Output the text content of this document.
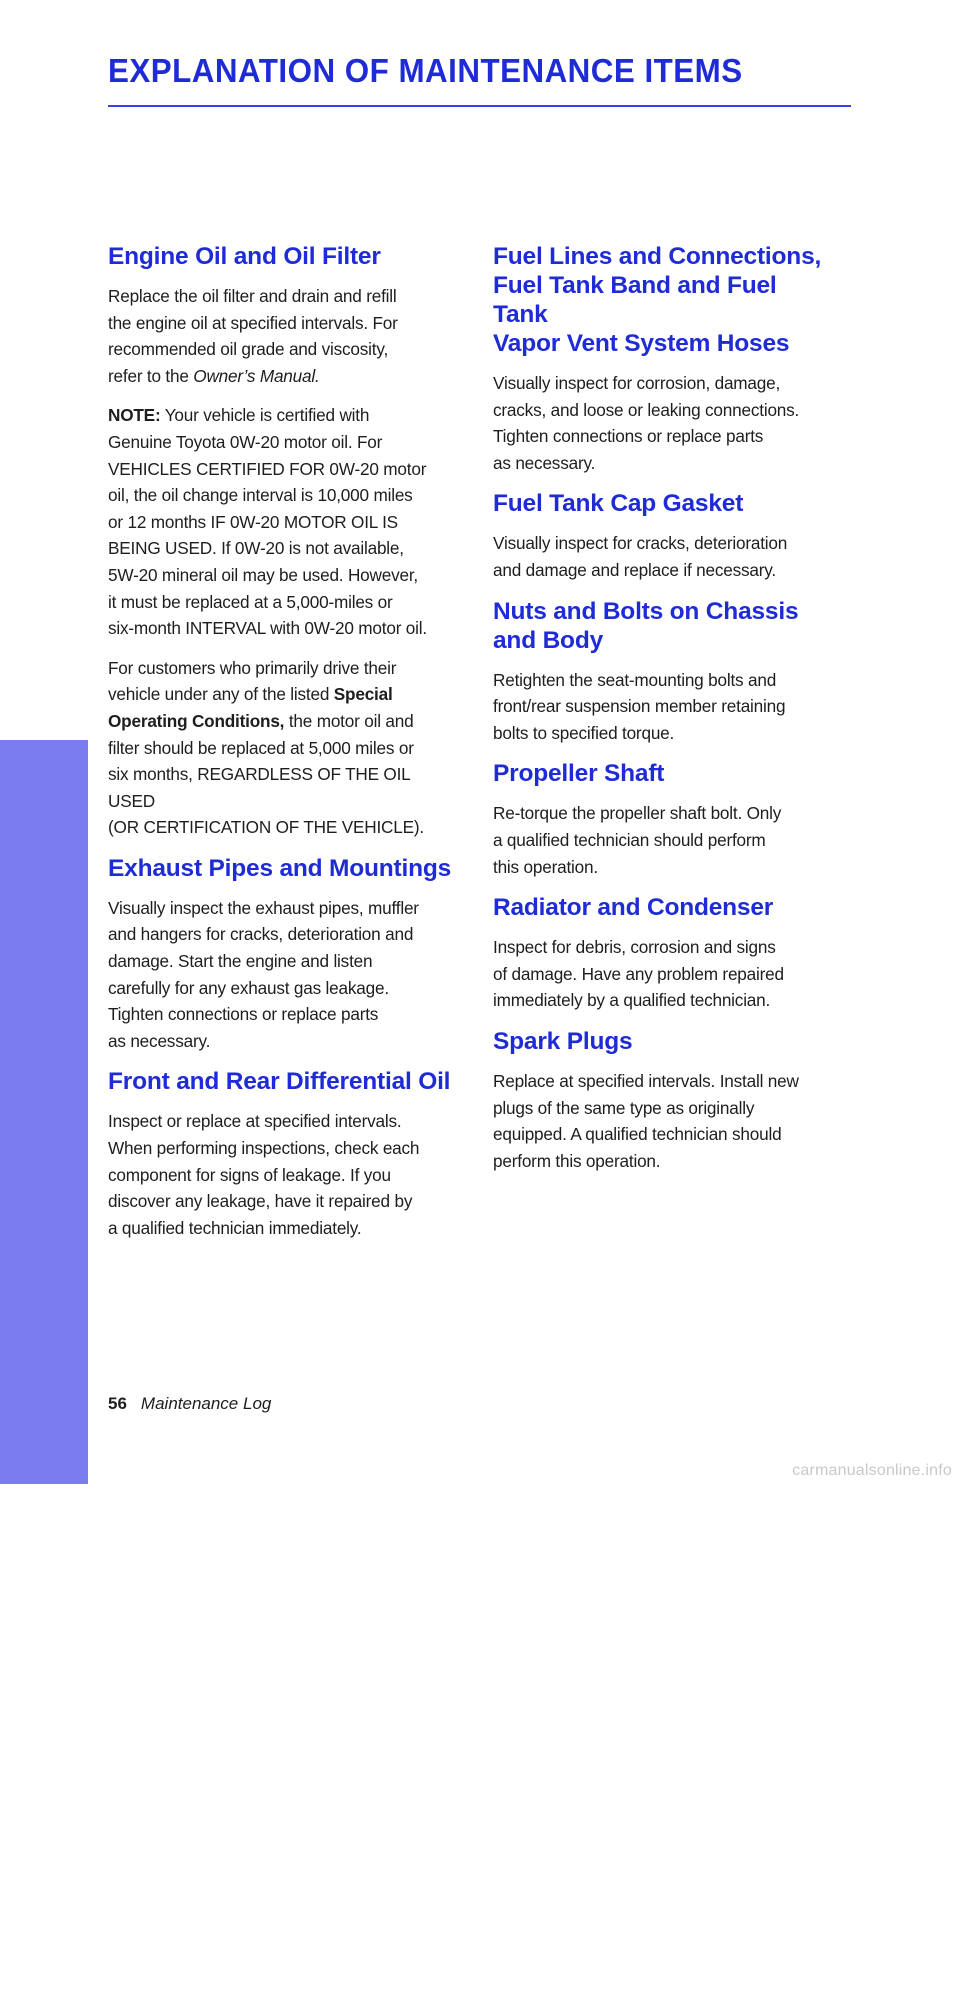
EXPLANATION OF MAINTENANCE ITEMS
MAINTENANCE
Engine Oil and Oil Filter

Replace the oil filter and drain and refill
the engine oil at specified intervals. For
recommended oil grade and viscosity,
refer to the Owner’s Manual.

NOTE: Your vehicle is certified with
Genuine Toyota 0W-20 motor oil. For
VEHICLES CERTIFIED FOR 0W-20 motor
oil, the oil change interval is 10,000 miles
or 12 months IF 0W-20 MOTOR OIL IS
BEING USED. If 0W-20 is not available,
5W-20 mineral oil may be used. However,
it must be replaced at a 5,000-miles or
six-month INTERVAL with 0W-20 motor oil.

For customers who primarily drive their
vehicle under any of the listed Special
Operating Conditions, the motor oil and
filter should be replaced at 5,000 miles or
six months, REGARDLESS OF THE OIL USED
(OR CERTIFICATION OF THE VEHICLE).

Exhaust Pipes and Mountings

Visually inspect the exhaust pipes, muffler
and hangers for cracks, deterioration and
damage. Start the engine and listen
carefully for any exhaust gas leakage.
Tighten connections or replace parts
as necessary.

Front and Rear Differential Oil

Inspect or replace at specified intervals.
When performing inspections, check each
component for signs of leakage. If you
discover any leakage, have it repaired by
a qualified technician immediately.

Fuel Lines and Connections,
Fuel Tank Band and Fuel Tank
Vapor Vent System Hoses

Visually inspect for corrosion, damage,
cracks, and loose or leaking connections.
Tighten connections or replace parts
as necessary.

Fuel Tank Cap Gasket

Visually inspect for cracks, deterioration
and damage and replace if necessary.

Nuts and Bolts on Chassis
and Body

Retighten the seat-mounting bolts and
front/rear suspension member retaining
bolts to specified torque.

Propeller Shaft

Re-torque the propeller shaft bolt. Only
a qualified technician should perform
this operation.

Radiator and Condenser

Inspect for debris, corrosion and signs
of damage. Have any problem repaired
immediately by a qualified technician.

Spark Plugs

Replace at specified intervals. Install new
plugs of the same type as originally
equipped. A qualified technician should
perform this operation.

56 Maintenance Log
carmanualsonline.info
